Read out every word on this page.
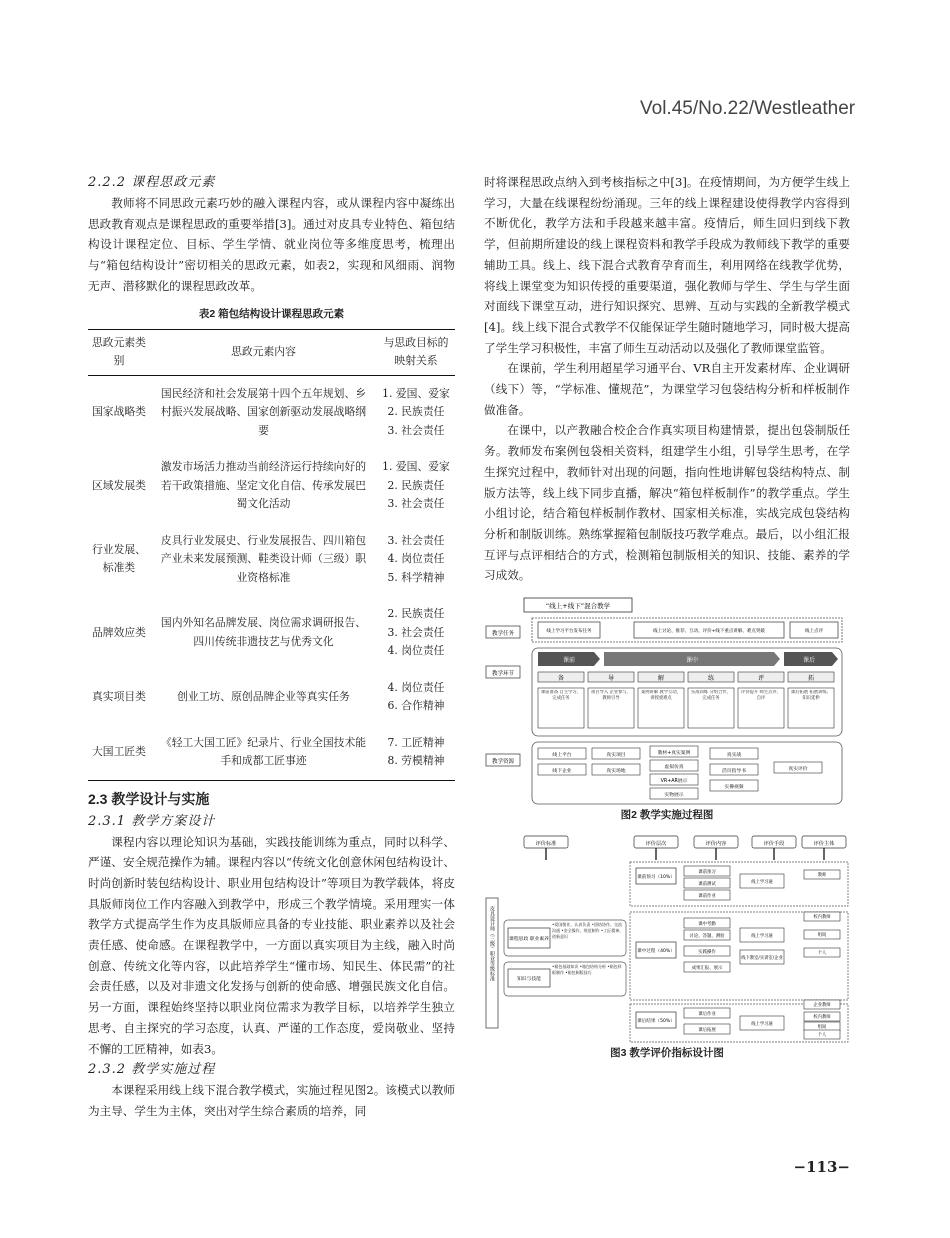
Vol.45/No.22/Westleather
2.2.2 课程思政元素
教师将不同思政元素巧妙的融入课程内容，或从课程内容中凝练出思政教育观点是课程思政的重要举措[3]。通过对皮具专业特色、箱包结构设计课程定位、目标、学生学情、就业岗位等多维度思考，梳理出与“箱包结构设计”密切相关的思政元素，如表2，实现和风细雨、润物无声、潜移默化的课程思政改革。
表2 箱包结构设计课程思政元素
思政元素类别	思政元素内容	与思政目标的映射关系
国家战略类	国民经济和社会发展第十四个五年规划、乡村振兴发展战略、国家创新驱动发展战略纲要	1. 爱国、爱家
2. 民族责任
3. 社会责任

区域发展类	激发市场活力推动当前经济运行持续向好的若干政策措施、坚定文化自信、传承发展巴蜀文化活动	1. 爱国、爱家
2. 民族责任
3. 社会责任

行业发展、标准类	皮具行业发展史、行业发展报告、四川箱包产业未来发展预测、鞋类设计师（三级）职业资格标准	3. 社会责任
4. 岗位责任
5. 科学精神

品牌效应类	国内外知名品牌发展、岗位需求调研报告、四川传统非遗技艺与优秀文化	2. 民族责任
3. 社会责任
4. 岗位责任

真实项目类	创业工坊、原创品牌企业等真实任务	4. 岗位责任
6. 合作精神

大国工匠类	《轻工大国工匠》纪录片、行业全国技术能手和成都工匠事迹	7. 工匠精神
8. 劳模精神
2.3 教学设计与实施
2.3.1 教学方案设计
课程内容以理论知识为基础，实践技能训练为重点，同时以科学、严谨、安全规范操作为辅。课程内容以“传统文化创意休闲包结构设计、时尚创新时装包结构设计、职业用包结构设计”等项目为教学载体，将皮具版师岗位工作内容融入到教学中，形成三个教学情境。采用理实一体教学方式提高学生作为皮具版师应具备的专业技能、职业素养以及社会责任感、使命感。在课程教学中，一方面以真实项目为主线，融入时尚创意、传统文化等内容，以此培养学生“懂市场、知民生、体民需”的社会责任感，以及对非遗文化发扬与创新的使命感、增强民族文化自信。另一方面，课程始终坚持以职业岗位需求为教学目标，以培养学生独立思考、自主探究的学习态度，认真、严谨的工作态度，爱岗敬业、坚持不懈的工匠精神，如表3。
2.3.2 教学实施过程
本课程采用线上线下混合教学模式，实施过程见图2。该模式以教师为主导、学生为主体，突出对学生综合素质的培养，同
时将课程思政点纳入到考核指标之中[3]。在疫情期间，为方便学生线上学习，大量在线课程纷纷涌现。三年的线上课程建设使得教学内容得到不断优化，教学方法和手段越来越丰富。疫情后，师生回归到线下教学，但前期所建设的线上课程资料和教学手段成为教师线下教学的重要辅助工具。线上、线下混合式教育孕育而生，利用网络在线教学优势，将线上课堂变为知识传授的重要渠道，强化教师与学生、学生与学生面对面线下课堂互动，进行知识探究、思辨、互动与实践的全新教学模式[4]。线上线下混合式教学不仅能保证学生随时随地学习，同时极大提高了学生学习积极性，丰富了师生互动活动以及强化了教师课堂监管。
在课前，学生利用超星学习通平台、VR自主开发素材库、企业调研（线下）等，“学标准、懂规范”，为课堂学习包袋结构分析和样板制作做准备。
在课中，以产教融合校企合作真实项目构建情景，提出包袋制版任务。教师发布案例包袋相关资料，组建学生小组，引导学生思考，在学生探究过程中，教师针对出现的问题，指向性地讲解包袋结构特点、制版方法等，线上线下同步直播，解决“箱包样板制作”的教学重点。学生小组讨论，结合箱包样板制作教材、国家相关标准，实战完成包袋结构分析和制版训练。熟练掌握箱包制版技巧教学难点。最后，以小组汇报互评与点评相结合的方式，检测箱包制版相关的知识、技能、素养的学习成效。
“线上+线下”混合教学
教学任务
教学环节
教学资源
线上学习平台发布任务	线上讨论、推荐、互动、评价+线下重点讲解、难点突破	线上点评
课前	课中	课后
备
课前准备 自主学习、完成任务
导
项目导入 企业参与、教师引导
解
案例讲解 教学互动、讲授重难点
练
实战训练 分组合作、完成任务
评
评价提升 师生点评、自评
拓
课后拓展 拓展训练、知识延伸
线上平台
线下企业
真实项目
真实场地
教材+真实案例
虚拟仿真
VR+AR展示
实物展示
真实战
活页指导书
实操视频
真实评价
图2 教学实施过程图
评价标准	评价层次	评价内容	评价手段	评价主体
皮具设计师（三级）职业等级标准	课程思政 职业素养
•爱国敬业、认真负责 •团结协作、交流沟通 •安全操作、规范制作 •工匠精神、创新意识
知识与技能
•箱包基础知识 •箱包结构分析 •箱包样板制作 •箱包制版技巧
课前预习（10%）
课中过程（40%）
课后结果（50%）
课前预习
课前测试
课前作业
课中考勤
讨论、答题、测验
实践操作
成果汇报、展示
课后作业
课后拓展
线上学习通
线上学习通
线下教室/实训室/企业
线上学习通
教师
校内教师
组间
个人
企业教师
校内教师
组间
个人
图3 教学评价指标设计图
−113−
